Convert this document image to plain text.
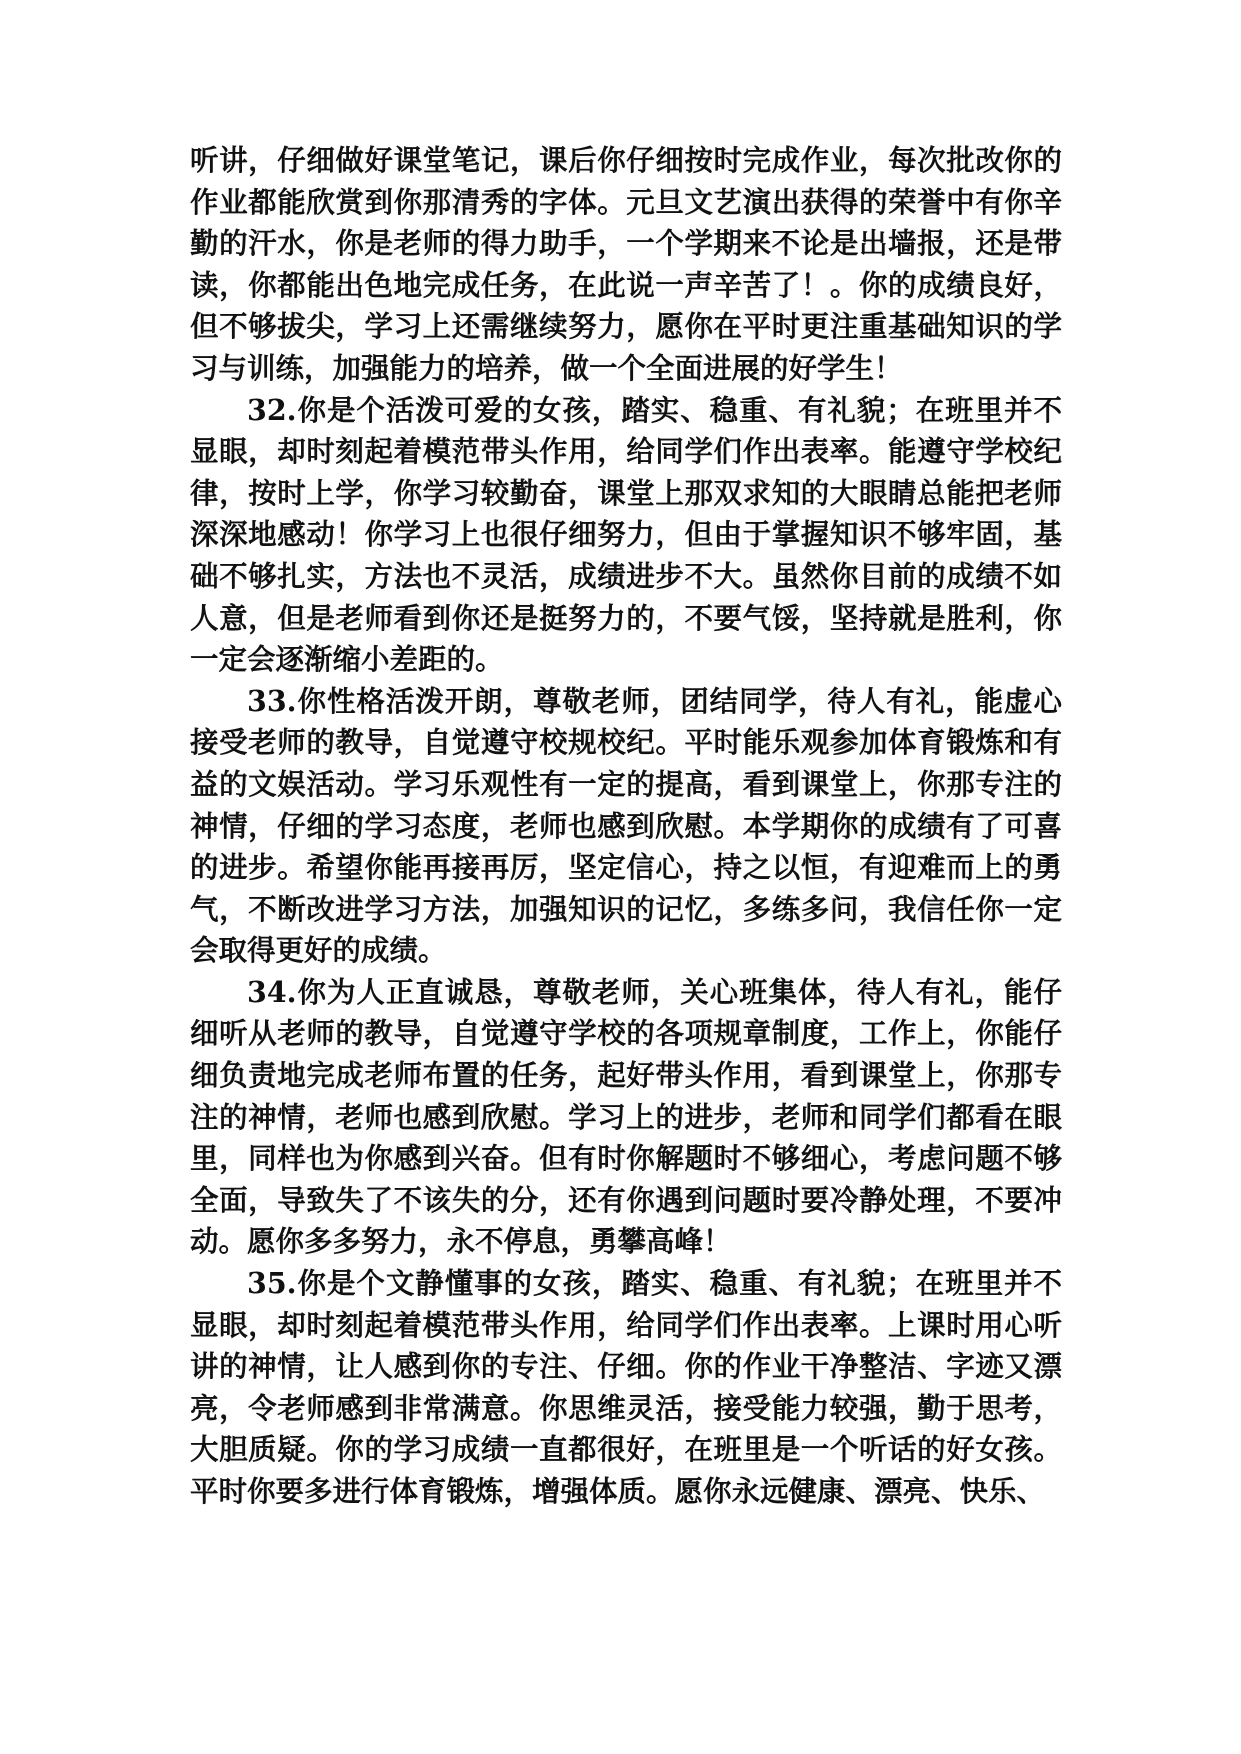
听讲，仔细做好课堂笔记，课后你仔细按时完成作业，每次批改你的作业都能欣赏到你那清秀的字体。元旦文艺演出获得的荣誉中有你辛勤的汗水，你是老师的得力助手，一个学期来不论是出墙报，还是带读，你都能出色地完成任务，在此说一声辛苦了！。你的成绩良好，但不够拔尖，学习上还需继续努力，愿你在平时更注重基础知识的学习与训练，加强能力的培养，做一个全面进展的好学生！

32.你是个活泼可爱的女孩，踏实、稳重、有礼貌；在班里并不显眼，却时刻起着模范带头作用，给同学们作出表率。能遵守学校纪律，按时上学，你学习较勤奋，课堂上那双求知的大眼睛总能把老师深深地感动！你学习上也很仔细努力，但由于掌握知识不够牢固，基础不够扎实，方法也不灵活，成绩进步不大。虽然你目前的成绩不如人意，但是老师看到你还是挺努力的，不要气馁，坚持就是胜利，你一定会逐渐缩小差距的。

33.你性格活泼开朗，尊敬老师，团结同学，待人有礼，能虚心接受老师的教导，自觉遵守校规校纪。平时能乐观参加体育锻炼和有益的文娱活动。学习乐观性有一定的提高，看到课堂上，你那专注的神情，仔细的学习态度，老师也感到欣慰。本学期你的成绩有了可喜的进步。希望你能再接再厉，坚定信心，持之以恒，有迎难而上的勇气，不断改进学习方法，加强知识的记忆，多练多问，我信任你一定会取得更好的成绩。

34.你为人正直诚恳，尊敬老师，关心班集体，待人有礼，能仔细听从老师的教导，自觉遵守学校的各项规章制度，工作上，你能仔细负责地完成老师布置的任务，起好带头作用，看到课堂上，你那专注的神情，老师也感到欣慰。学习上的进步，老师和同学们都看在眼里，同样也为你感到兴奋。但有时你解题时不够细心，考虑问题不够全面，导致失了不该失的分，还有你遇到问题时要冷静处理，不要冲动。愿你多多努力，永不停息，勇攀高峰！

35.你是个文静懂事的女孩，踏实、稳重、有礼貌；在班里并不显眼，却时刻起着模范带头作用，给同学们作出表率。上课时用心听讲的神情，让人感到你的专注、仔细。你的作业干净整洁、字迹又漂亮，令老师感到非常满意。你思维灵活，接受能力较强，勤于思考，大胆质疑。你的学习成绩一直都很好，在班里是一个听话的好女孩。平时你要多进行体育锻炼，增强体质。愿你永远健康、漂亮、快乐、
